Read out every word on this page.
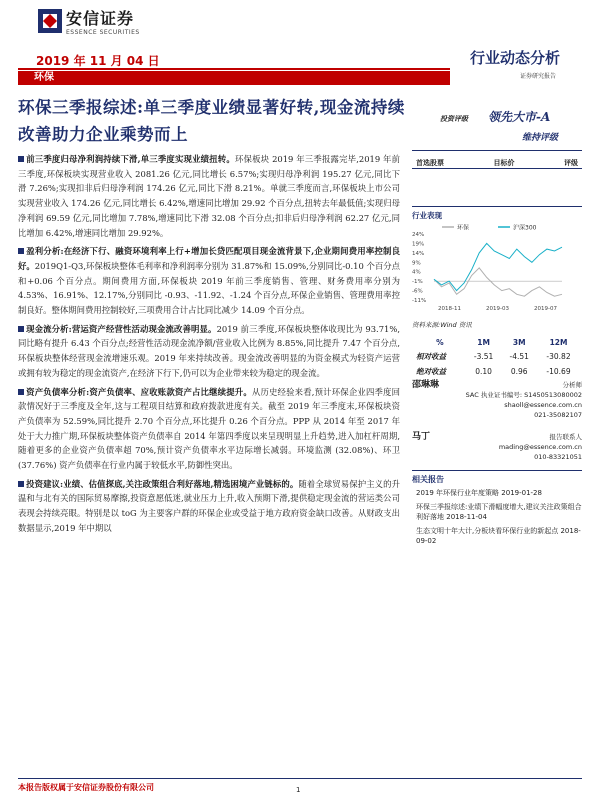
安信证券
ESSENCE SECURITIES
2019 年 11 月 04 日	行业动态分析
证券研究报告
环保
环保三季报综述:单三季度业绩显著好转,现金流持续改善助力企业乘势而上

前三季度归母净利润持续下滑,单三季度实现业绩扭转。环保板块 2019 年三季报露完毕,2019 年前三季度,环保板块实现营业收入 2081.26 亿元,同比增长 6.57%;实现归母净利润 195.27 亿元,同比下滑 7.26%;实现扣非后归母净利润 174.26 亿元,同比下滑 8.21%。单就三季度而言,环保板块上市公司实现营业收入 174.26 亿元,同比增长 6.42%,增速同比增加 29.92 个百分点,扭转去年最低值;实现归母净利润 69.59 亿元,同比增加 7.78%,增速同比下滑 32.08 个百分点;扣非后归母净利润 62.27 亿元,同比增加 6.42%,增速同比增加 29.92%。

盈利分析:在经济下行、融资环境利率上行+增加长贷匹配项目现金流背景下,企业期间费用率控制良好。2019Q1-Q3,环保板块整体毛利率和净利润率分别为 31.87%和 15.09%,分别同比-0.10 个百分点和+0.06 个百分点。期间费用方面,环保板块 2019 年前三季度销售、管理、财务费用率分别为 4.53%、16.91%、12.17%,分别同比 -0.93、-11.92、-1.24 个百分点,环保企业销售、管理费用率控制良好。整体期间费用控制较好,三项费用合计占比同比减少 14.09 个百分点。

现金流分析:营运资产经营性活动现金流改善明显。2019 前三季度,环保板块整体收现比为 93.71%,同比略有提升 6.43 个百分点;经营性活动现金流净额/营业收入比例为 8.85%,同比提升 7.47 个百分点,环保板块整体经营现金流增速乐观。2019 年来持续改善。现金流改善明显的为资金模式为轻资产运营或拥有较为稳定的现金流资产,在经济下行下,仍可以为企业带来较为稳定的现金流。

资产负债率分析:资产负债率、应收账款资产占比继续提升。从历史经验来看,预计环保企业四季度回款情况好于三季度及全年,这与工程项目结算和政府拨款进度有关。截至 2019 年三季度末,环保板块资产负债率为 52.59%,同比提升 2.70 个百分点,环比提升 0.26 个百分点。PPP 从 2014 年至 2017 年处于大力推广期,环保板块整体资产负债率自 2014 年第四季度以来呈现明显上升趋势,进入加杠杆周期,随着更多的企业资产负债率超 70%,预计资产负债率水平边际增长减弱。环境监测 (32.08%)、环卫 (37.76%) 资产负债率在行业内属于较低水平,防御性突出。

投资建议:业绩、估值探底,关注政策组合利好落地,精选困境产业链标的。随着全球贸易保护主义的升温和与北有关的国际贸易摩擦,投资意愿低迷,就业压力上升,收入预期下滑,提供稳定现金流的营运类公司表现会持续亮眼。特别是以 toG 为主要客户群的环保企业或受益于地方政府资金缺口改善。从财政支出数据显示,2019 年中期以

投资评级 领先大市-A
维持评级
首选股票	目标价	评级
行业表现
环保	沪深300
24%
19%
14%
9%
4%
-1%
-6%
-11%
2018-11	2019-03	2019-07
资料来源:Wind 资讯
%	1M	3M	12M
相对收益	-3.51	-4.51	-30.82
绝对收益	0.10	0.96	-10.69
邵琳琳	分析师
SAC 执业证书编号: S1450513080002
shaoll@essence.com.cn
021-35082107
马丁	报告联系人
mading@essence.com.cn
010-83321051
相关报告
2019 年环保行业年度策略 2019-01-28
环保三季报综述:业绩下滑幅度增大,建议关注政策组合利好落地 2018-11-04
生态文明十年大计,分板块看环保行业的新起点 2018-09-02
本报告版权属于安信证券股份有限公司	1
